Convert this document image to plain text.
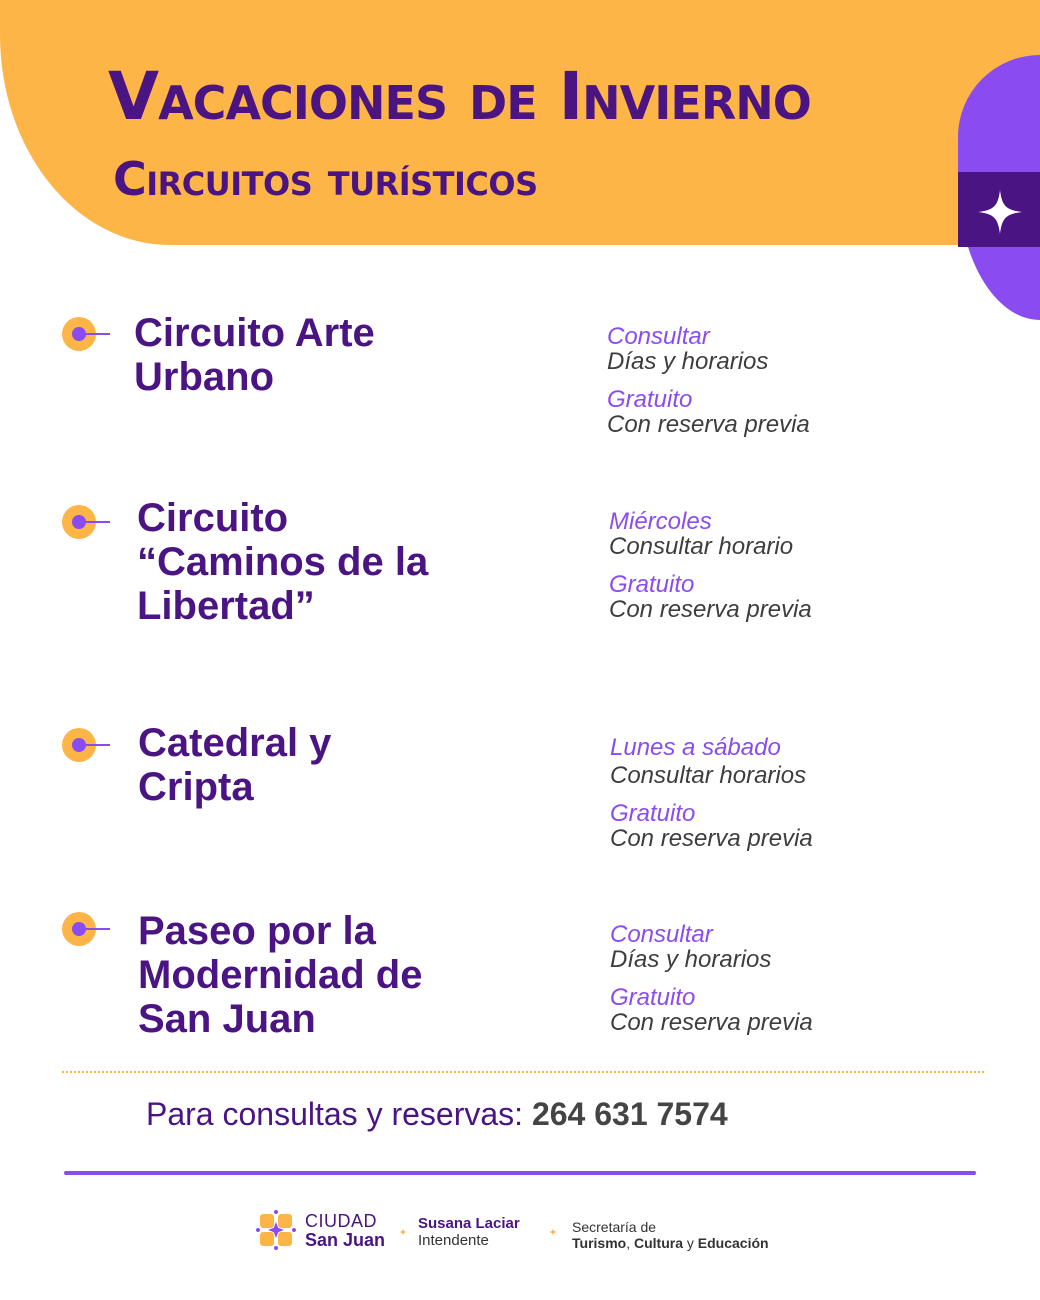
Vacaciones de Invierno
Circuitos turísticos
Circuito Arte Urbano
Consultar
Días y horarios
Gratuito
Con reserva previa
Circuito “Caminos de la Libertad”
Miércoles
Consultar horario
Gratuito
Con reserva previa
Catedral y Cripta
Lunes a sábado
Consultar horarios
Gratuito
Con reserva previa
Paseo por la Modernidad de San Juan
Consultar
Días y horarios
Gratuito
Con reserva previa
Para consultas y reservas: 264 631 7574
CIUDAD
San Juan
Susana Laciar
Intendente
Secretaría de
Turismo, Cultura y Educación
